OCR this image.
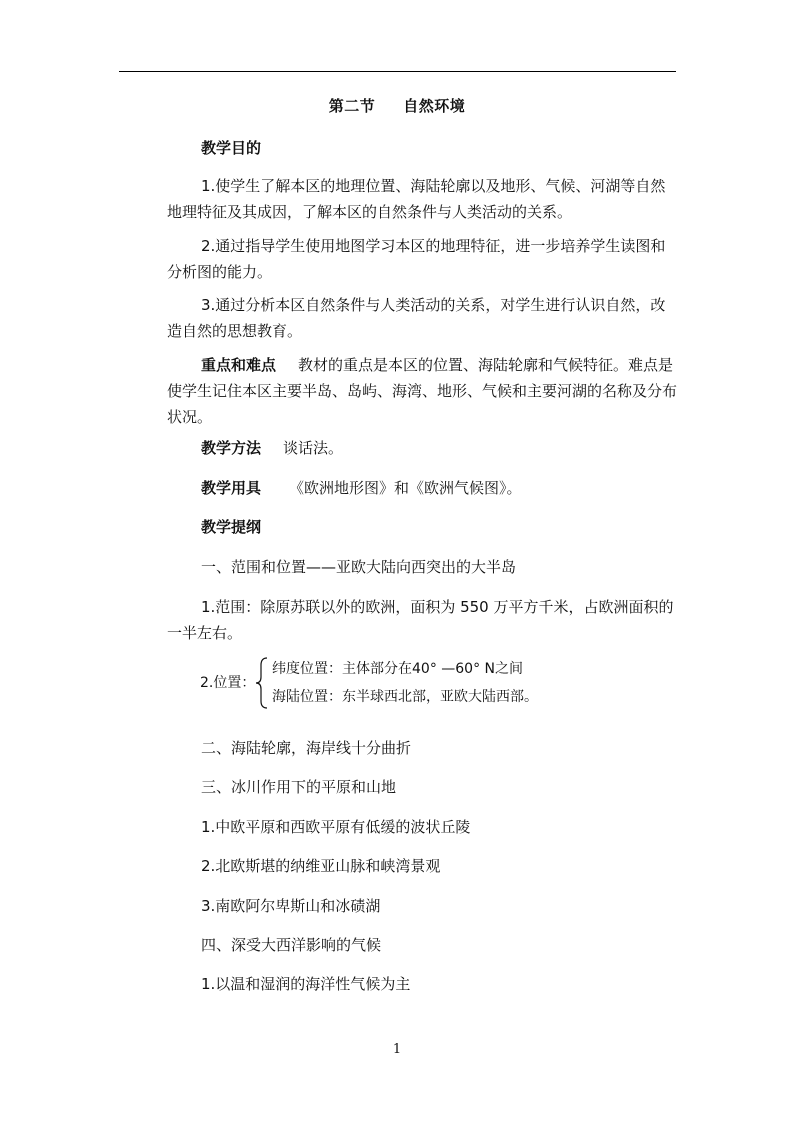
第二节 自然环境
教学目的

1.使学生了解本区的地理位置、海陆轮廓以及地形、气候、河湖等自然地理特征及其成因，了解本区的自然条件与人类活动的关系。

2.通过指导学生使用地图学习本区的地理特征，进一步培养学生读图和分析图的能力。

3.通过分析本区自然条件与人类活动的关系，对学生进行认识自然，改造自然的思想教育。

重点和难点 教材的重点是本区的位置、海陆轮廓和气候特征。难点是使学生记住本区主要半岛、岛屿、海湾、地形、气候和主要河湖的名称及分布状况。

教学方法 谈话法。
教学用具 《欧洲地形图》和《欧洲气候图》。
教学提纲
一、范围和位置——亚欧大陆向西突出的大半岛

1.范围：除原苏联以外的欧洲，面积为 550 万平方千米，占欧洲面积的一半左右。

2.位置：
纬度位置：主体部分在40° —60° N之间
海陆位置：东半球西北部，亚欧大陆西部。
二、海陆轮廓，海岸线十分曲折
三、冰川作用下的平原和山地
1.中欧平原和西欧平原有低缓的波状丘陵
2.北欧斯堪的纳维亚山脉和峡湾景观
3.南欧阿尔卑斯山和冰碛湖
四、深受大西洋影响的气候
1.以温和湿润的海洋性气候为主
1
